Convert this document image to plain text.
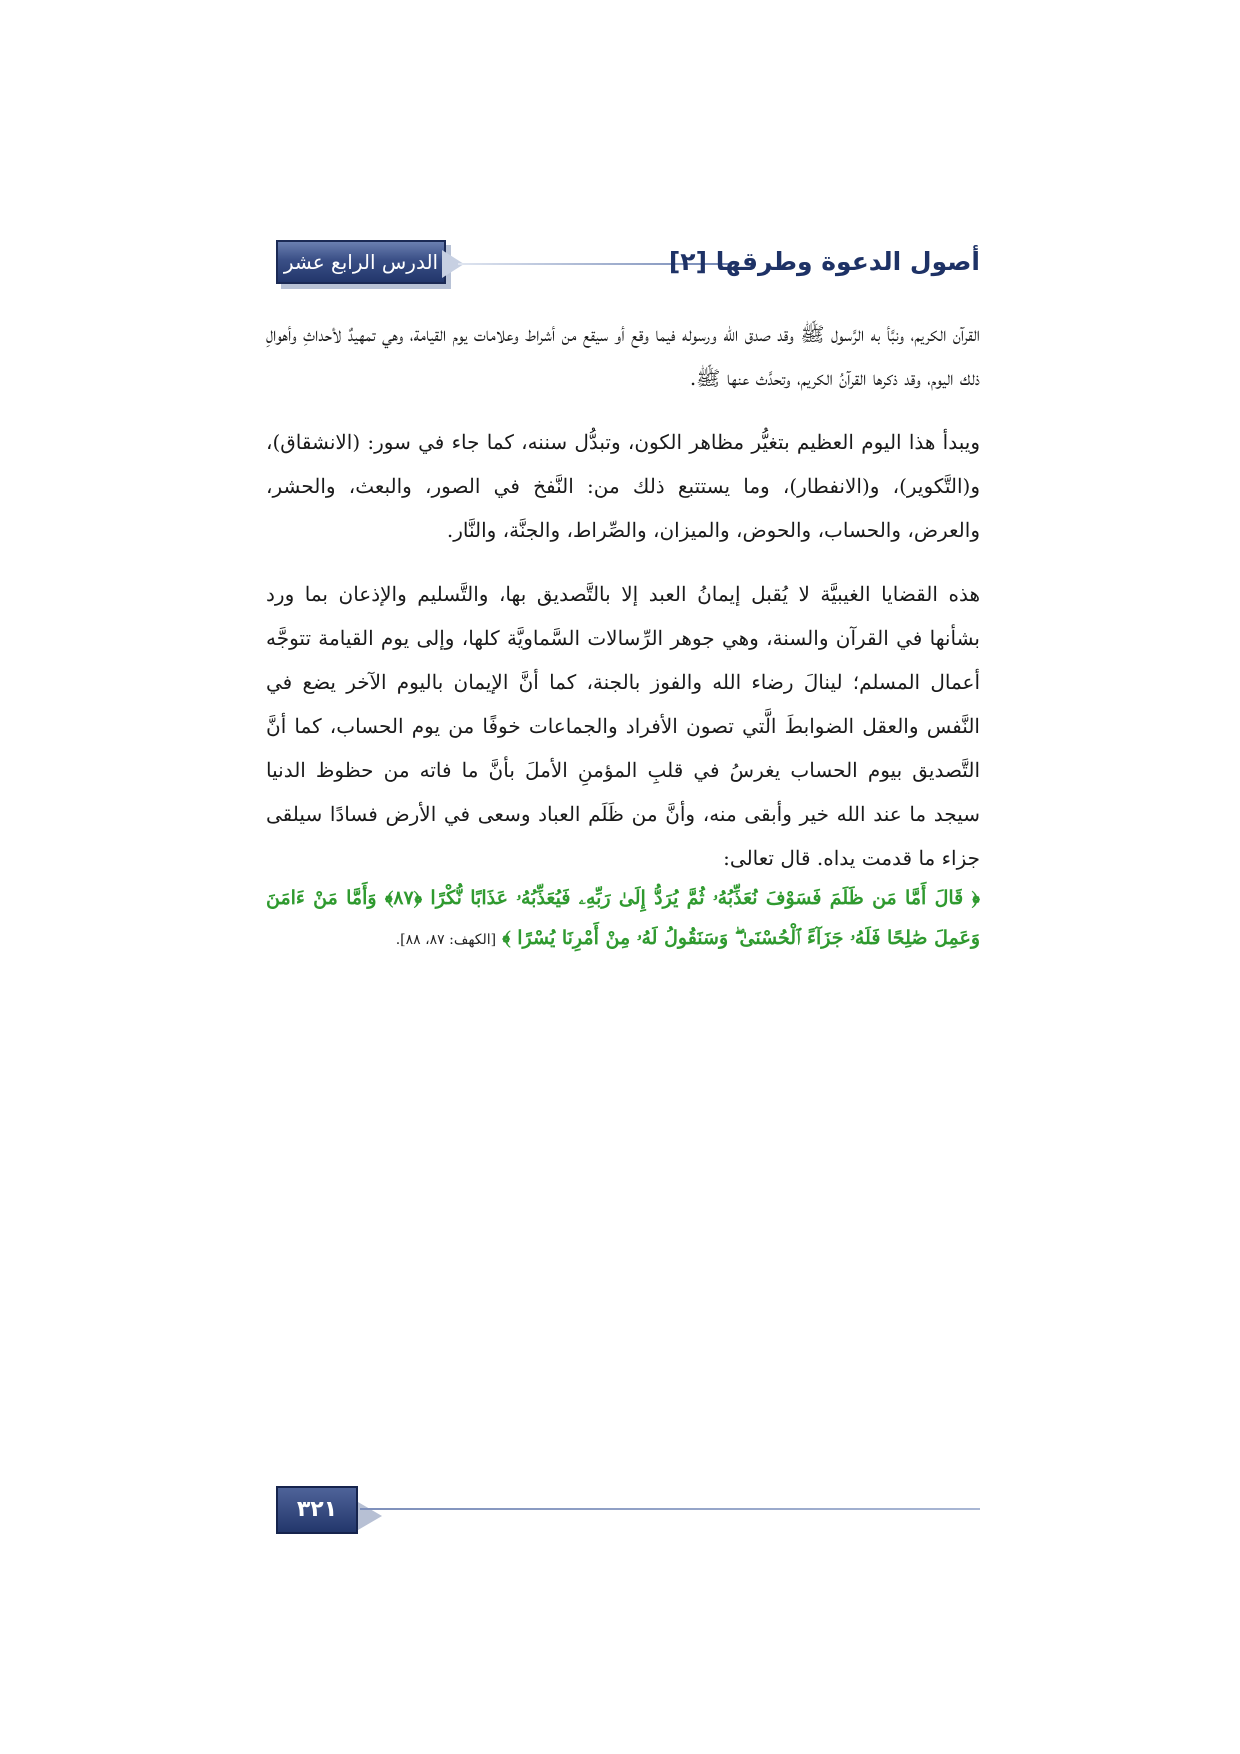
الدرس الرابع عشر	أصول الدعوة وطرقها [٢]

القرآن الكريم، ونبَّأ به الرَّسول ﷺ وقد صدق الله ورسوله فيما وقع أو سيقع من أشراط وعلامات يوم القيامة، وهي تمهيدٌ لأحداثِ وأهوالِ ذلك اليوم، وقد ذكرها القرآنُ الكريم، وتحدَّث عنها ﷺ.

ويبدأ هذا اليوم العظيم بتغيُّر مظاهر الكون، وتبدُّل سننه، كما جاء في سور: (الانشقاق)، و(التَّكوير)، و(الانفطار)، وما يستتبع ذلك من: النَّفخ في الصور، والبعث، والحشر، والعرض، والحساب، والحوض، والميزان، والصِّراط، والجنَّة، والنَّار.

هذه القضايا الغيبيَّة لا يُقبل إيمانُ العبد إلا بالتَّصديق بها، والتَّسليم والإذعان بما ورد بشأنها في القرآن والسنة، وهي جوهر الرِّسالات السَّماويَّة كلها، وإلى يوم القيامة تتوجَّه أعمال المسلم؛ لينالَ رضاء الله والفوز بالجنة، كما أنَّ الإيمان باليوم الآخر يضع في النَّفس والعقل الضوابطَ الَّتي تصون الأفراد والجماعات خوفًا من يوم الحساب، كما أنَّ التَّصديق بيوم الحساب يغرسُ في قلبِ المؤمنِ الأملَ بأنَّ ما فاته من حظوظ الدنيا سيجد ما عند الله خير وأبقى منه، وأنَّ من ظَلَم العباد وسعى في الأرض فسادًا سيلقى جزاء ما قدمت يداه. قال تعالى:

﴿ قَالَ أَمَّا مَن ظَلَمَ فَسَوْفَ نُعَذِّبُهُۥ ثُمَّ يُرَدُّ إِلَىٰ رَبِّهِۦ فَيُعَذِّبُهُۥ عَذَابًا نُّكْرًا ﴿٨٧﴾ وَأَمَّا مَنْ ءَامَنَ وَعَمِلَ صَٰلِحًا فَلَهُۥ جَزَآءً ٱلْحُسْنَىٰ ۖ وَسَنَقُولُ لَهُۥ مِنْ أَمْرِنَا يُسْرًا ﴾ [الكهف: ٨٧، ٨٨].

٣٢١
